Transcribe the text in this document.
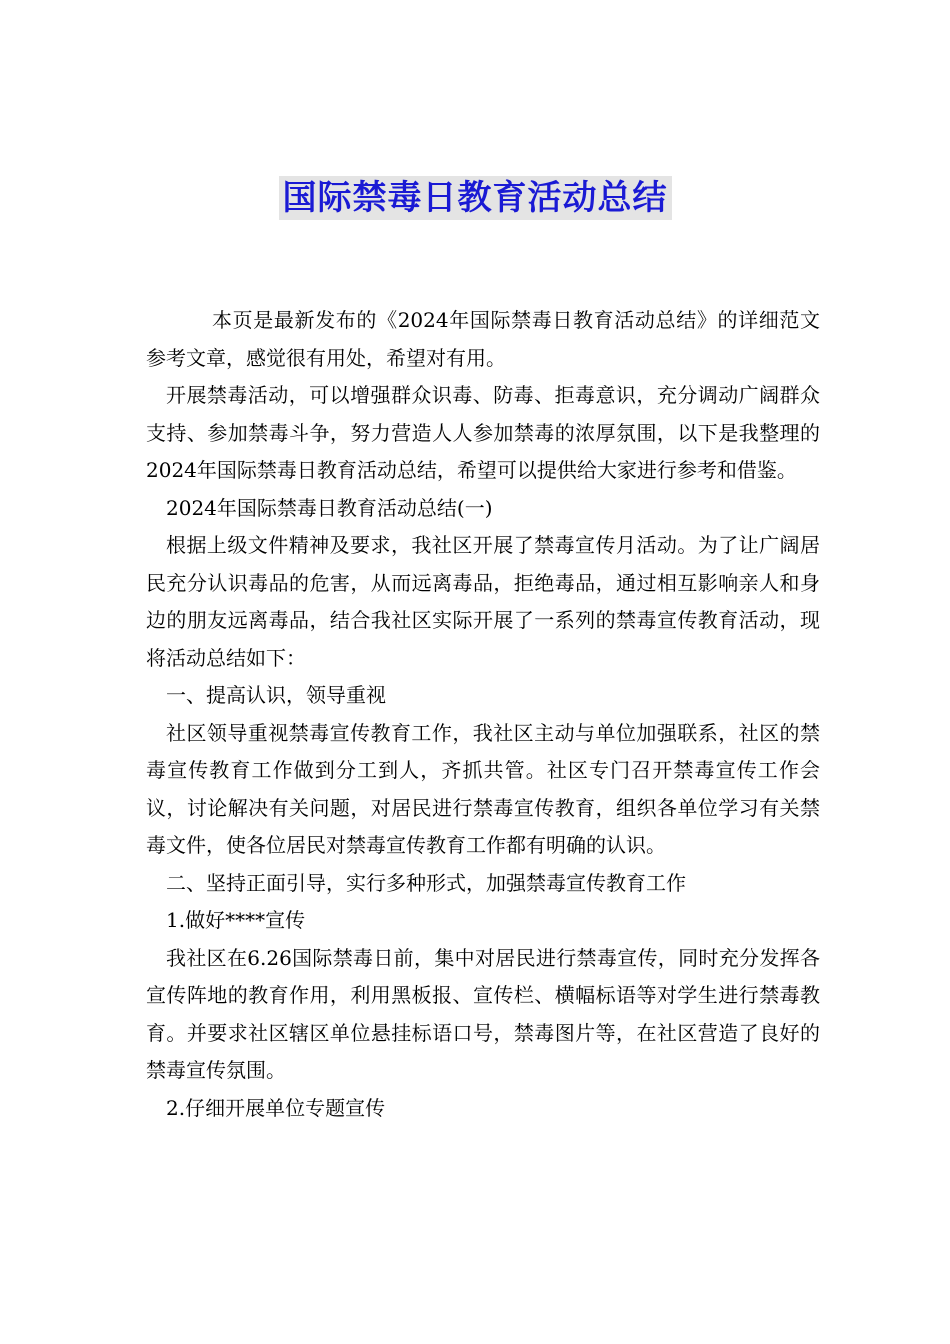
国际禁毒日教育活动总结

本页是最新发布的《2024年国际禁毒日教育活动总结》的详细范文参考文章，感觉很有用处，希望对有用。

开展禁毒活动，可以增强群众识毒、防毒、拒毒意识，充分调动广阔群众支持、参加禁毒斗争，努力营造人人参加禁毒的浓厚氛围，以下是我整理的2024年国际禁毒日教育活动总结，希望可以提供给大家进行参考和借鉴。

2024年国际禁毒日教育活动总结(一)

根据上级文件精神及要求，我社区开展了禁毒宣传月活动。为了让广阔居民充分认识毒品的危害，从而远离毒品，拒绝毒品，通过相互影响亲人和身边的朋友远离毒品，结合我社区实际开展了一系列的禁毒宣传教育活动，现将活动总结如下：

一、提高认识，领导重视

社区领导重视禁毒宣传教育工作，我社区主动与单位加强联系，社区的禁毒宣传教育工作做到分工到人，齐抓共管。社区专门召开禁毒宣传工作会议，讨论解决有关问题，对居民进行禁毒宣传教育，组织各单位学习有关禁毒文件，使各位居民对禁毒宣传教育工作都有明确的认识。

二、坚持正面引导，实行多种形式，加强禁毒宣传教育工作

1.做好****宣传

我社区在6.26国际禁毒日前，集中对居民进行禁毒宣传，同时充分发挥各宣传阵地的教育作用，利用黑板报、宣传栏、横幅标语等对学生进行禁毒教育。并要求社区辖区单位悬挂标语口号，禁毒图片等，在社区营造了良好的禁毒宣传氛围。

2.仔细开展单位专题宣传
